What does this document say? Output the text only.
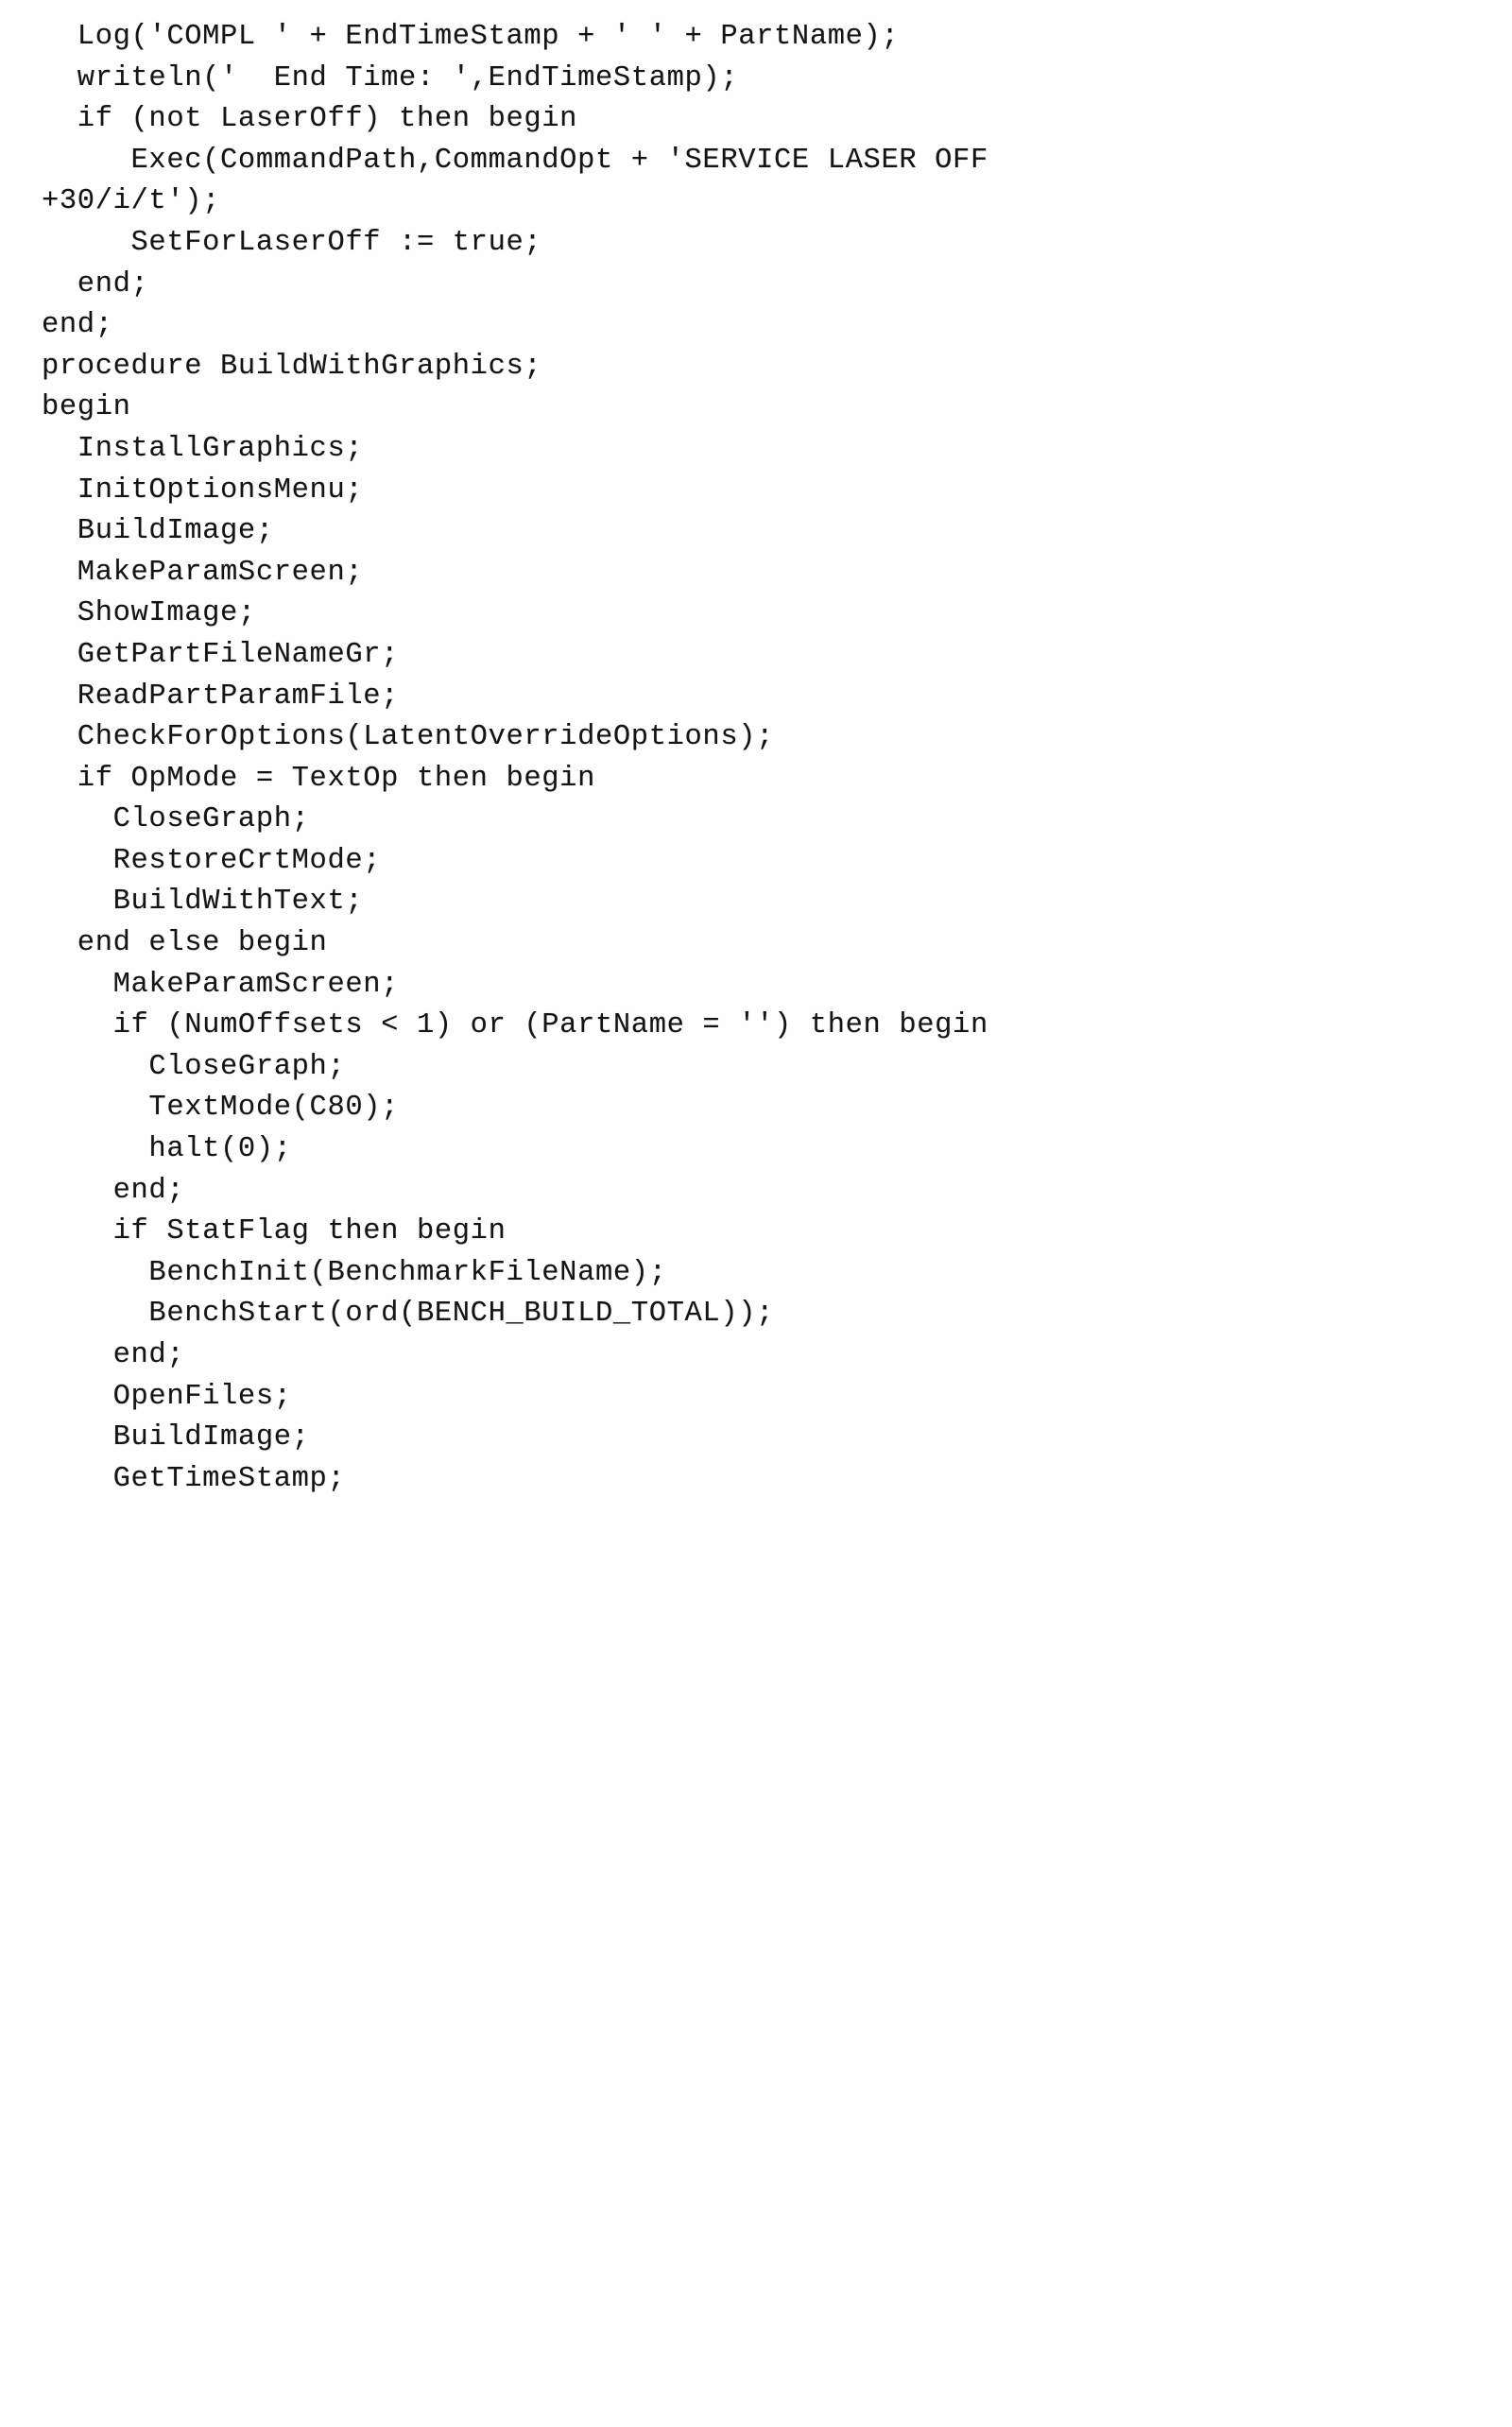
Log('COMPL ' + EndTimeStamp + ' ' + PartName);
writeln('  End Time: ',EndTimeStamp);
if (not LaserOff) then begin
Exec(CommandPath,CommandOpt + 'SERVICE LASER OFF
+30/i/t');
SetForLaserOff := true;
end;
end;
procedure BuildWithGraphics;
begin
InstallGraphics;
InitOptionsMenu;
BuildImage;
MakeParamScreen;
ShowImage;
GetPartFileNameGr;
ReadPartParamFile;
CheckForOptions(LatentOverrideOptions);
if OpMode = TextOp then begin
CloseGraph;
RestoreCrtMode;
BuildWithText;
end else begin
MakeParamScreen;
if (NumOffsets < 1) or (PartName = '') then begin
CloseGraph;
TextMode(C80);
halt(0);
end;
if StatFlag then begin
BenchInit(BenchmarkFileName);
BenchStart(ord(BENCH_BUILD_TOTAL));
end;
OpenFiles;
BuildImage;
GetTimeStamp;
